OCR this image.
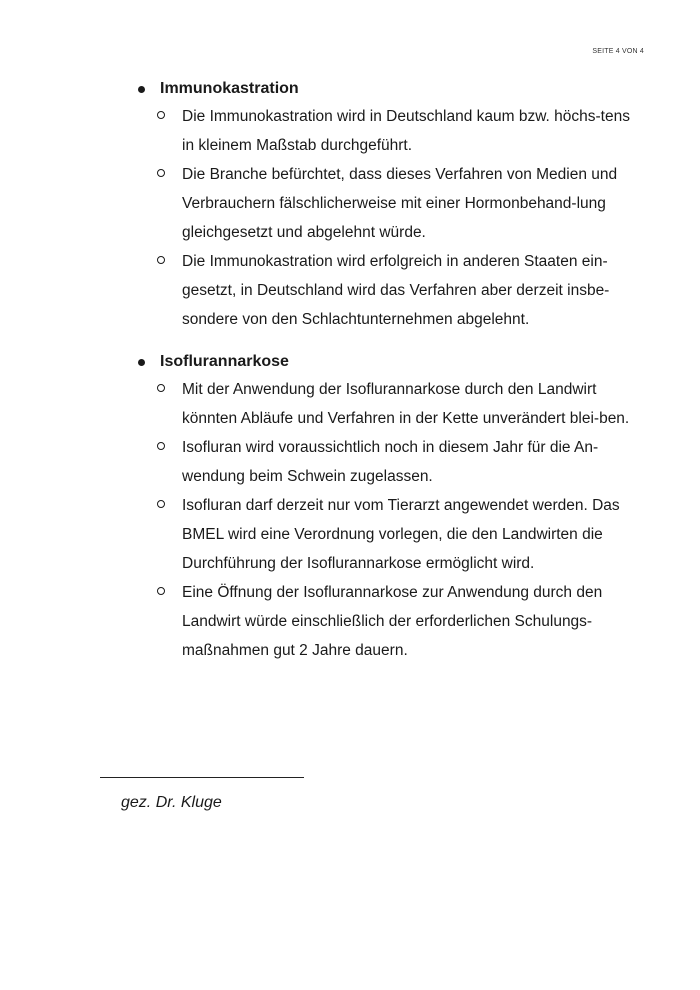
SEITE 4 VON 4
Immunokastration
Die Immunokastration wird in Deutschland kaum bzw. höchs-tens in kleinem Maßstab durchgeführt.
Die Branche befürchtet, dass dieses Verfahren von Medien und Verbrauchern fälschlicherweise mit einer Hormonbehand-lung gleichgesetzt und abgelehnt würde.
Die Immunokastration wird erfolgreich in anderen Staaten ein-gesetzt, in Deutschland wird das Verfahren aber derzeit insbe-sondere von den Schlachtunternehmen abgelehnt.
Isoflurannarkose
Mit der Anwendung der Isoflurannarkose durch den Landwirt könnten Abläufe und Verfahren in der Kette unverändert blei-ben.
Isofluran wird voraussichtlich noch in diesem Jahr für die An-wendung beim Schwein zugelassen.
Isofluran darf derzeit nur vom Tierarzt angewendet werden. Das BMEL wird eine Verordnung vorlegen, die den Landwirten die Durchführung der Isoflurannarkose ermöglicht wird.
Eine Öffnung der Isoflurannarkose zur Anwendung durch den Landwirt würde einschließlich der erforderlichen Schulungs-maßnahmen gut 2 Jahre dauern.
gez. Dr. Kluge
